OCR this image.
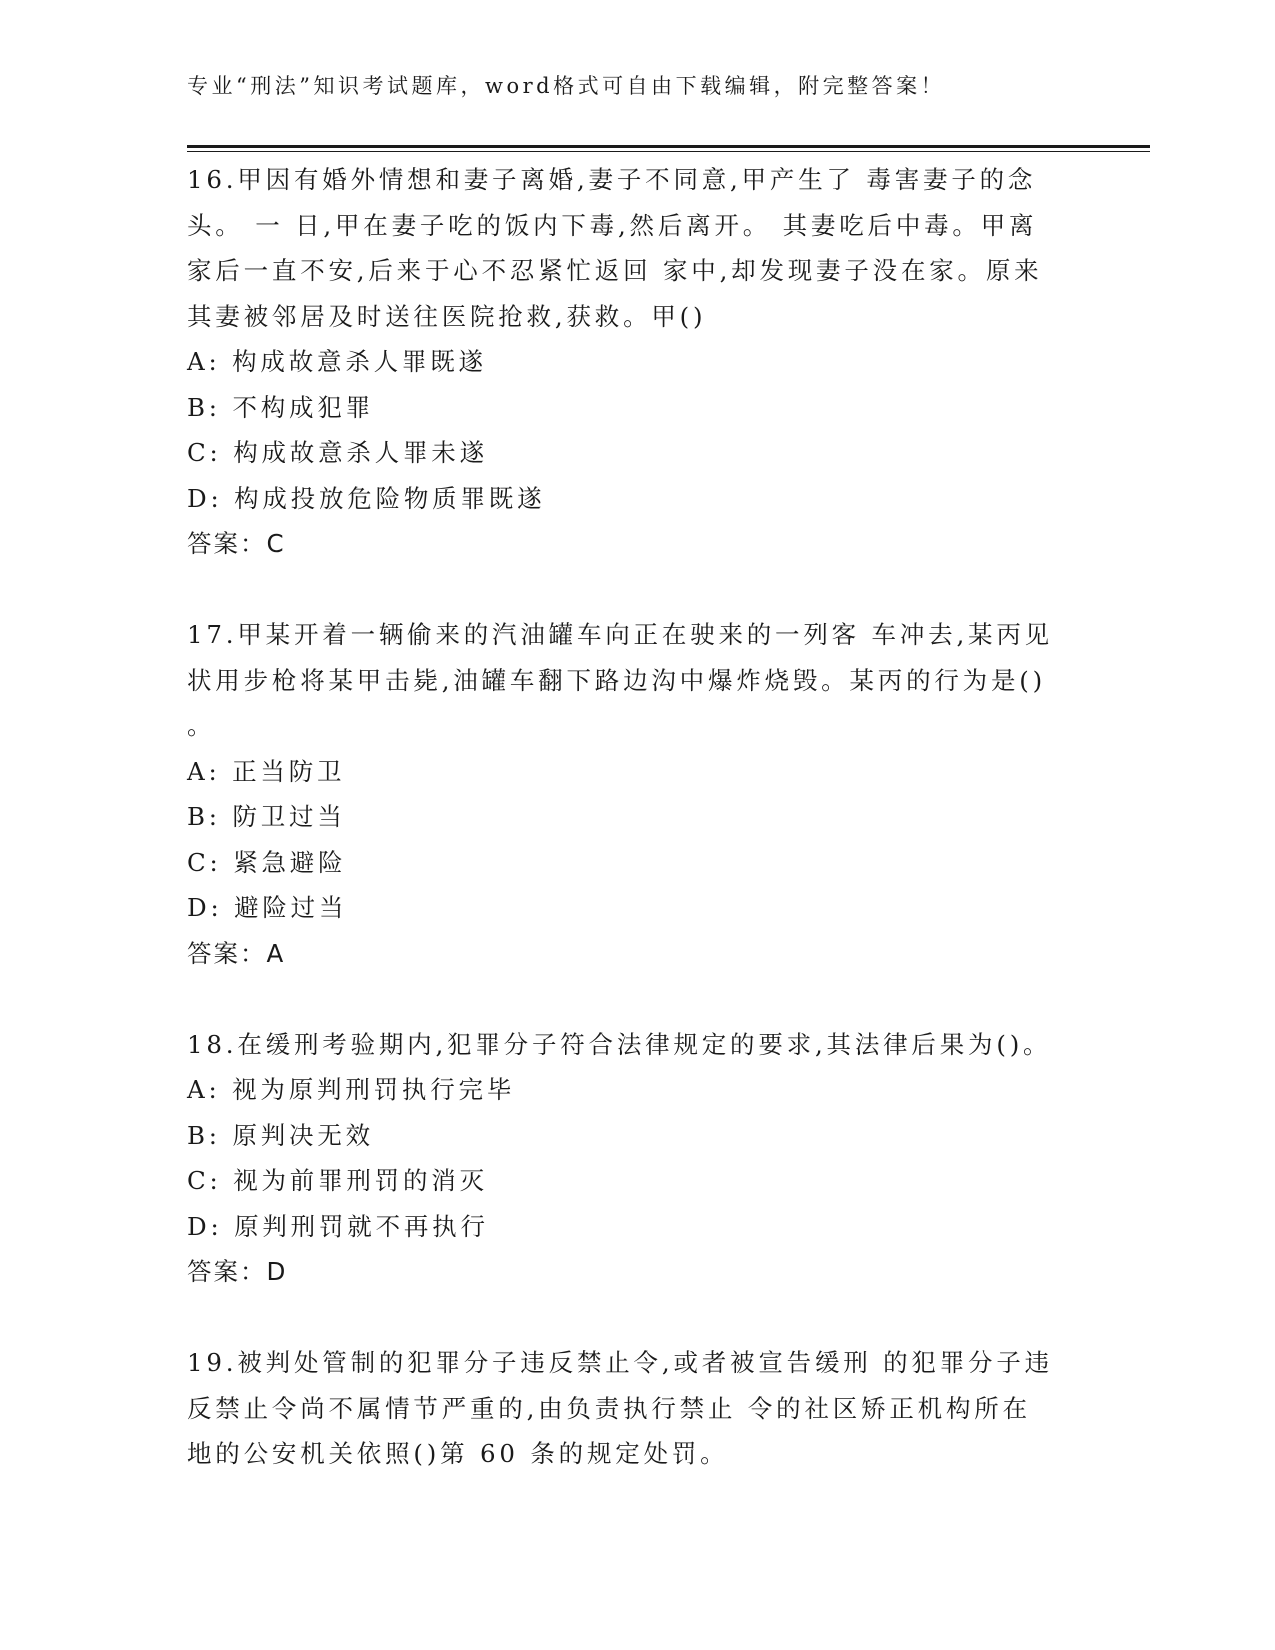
专业“刑法”知识考试题库，word格式可自由下载编辑，附完整答案！

16.甲因有婚外情想和妻子离婚,妻子不同意,甲产生了 毒害妻子的念

头。 一 日,甲在妻子吃的饭内下毒,然后离开。 其妻吃后中毒。甲离

家后一直不安,后来于心不忍紧忙返回 家中,却发现妻子没在家。原来

其妻被邻居及时送往医院抢救,获救。甲()

A: 构成故意杀人罪既遂

B: 不构成犯罪

C: 构成故意杀人罪未遂

D: 构成投放危险物质罪既遂

答案：C

17.甲某开着一辆偷来的汽油罐车向正在驶来的一列客 车冲去,某丙见

状用步枪将某甲击毙,油罐车翻下路边沟中爆炸烧毁。某丙的行为是()

。

A: 正当防卫

B: 防卫过当

C: 紧急避险

D: 避险过当

答案：A

18.在缓刑考验期内,犯罪分子符合法律规定的要求,其法律后果为()。

A: 视为原判刑罚执行完毕

B: 原判决无效

C: 视为前罪刑罚的消灭

D: 原判刑罚就不再执行

答案：D

19.被判处管制的犯罪分子违反禁止令,或者被宣告缓刑 的犯罪分子违

反禁止令尚不属情节严重的,由负责执行禁止 令的社区矫正机构所在

地的公安机关依照()第 60 条的规定处罚。
